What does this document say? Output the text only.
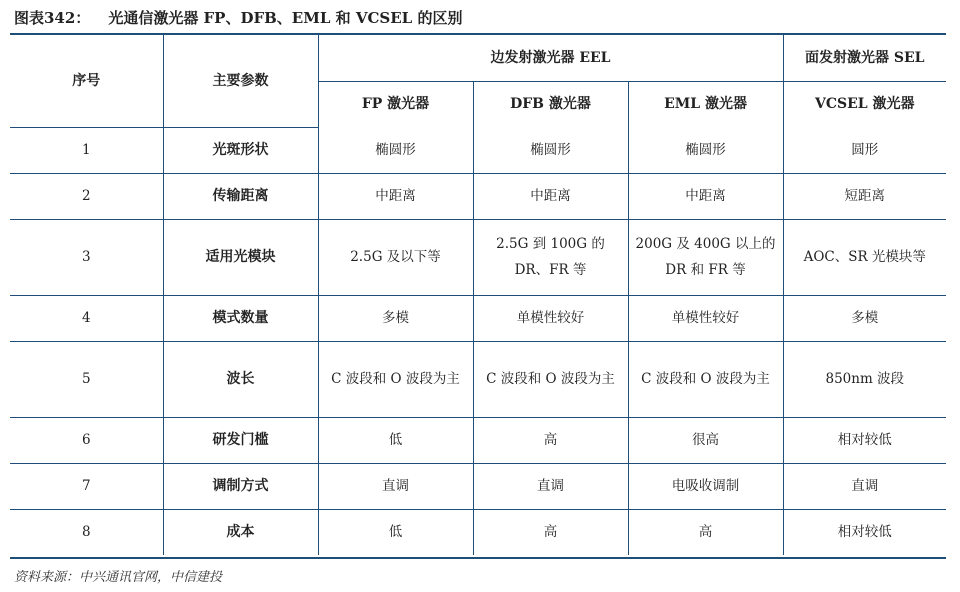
图表342： 光通信激光器 FP、DFB、EML 和 VCSEL 的区别
序号	主要参数	边发射激光器 EEL			面发射激光器 SEL
		FP 激光器	DFB 激光器	EML 激光器	VCSEL 激光器
1	光斑形状	椭圆形	椭圆形	椭圆形	圆形
2	传输距离	中距离	中距离	中距离	短距离
3	适用光模块	2.5G 及以下等	2.5G 到 100G 的 DR、FR 等	200G 及 400G 以上的 DR 和 FR 等	AOC、SR 光模块等
4	模式数量	多模	单模性较好	单模性较好	多模
5	波长	C 波段和 O 波段为主	C 波段和 O 波段为主	C 波段和 O 波段为主	850nm 波段
6	研发门槛	低	高	很高	相对较低
7	调制方式	直调	直调	电吸收调制	直调
8	成本	低	高	高	相对较低
资料来源：中兴通讯官网，中信建投
